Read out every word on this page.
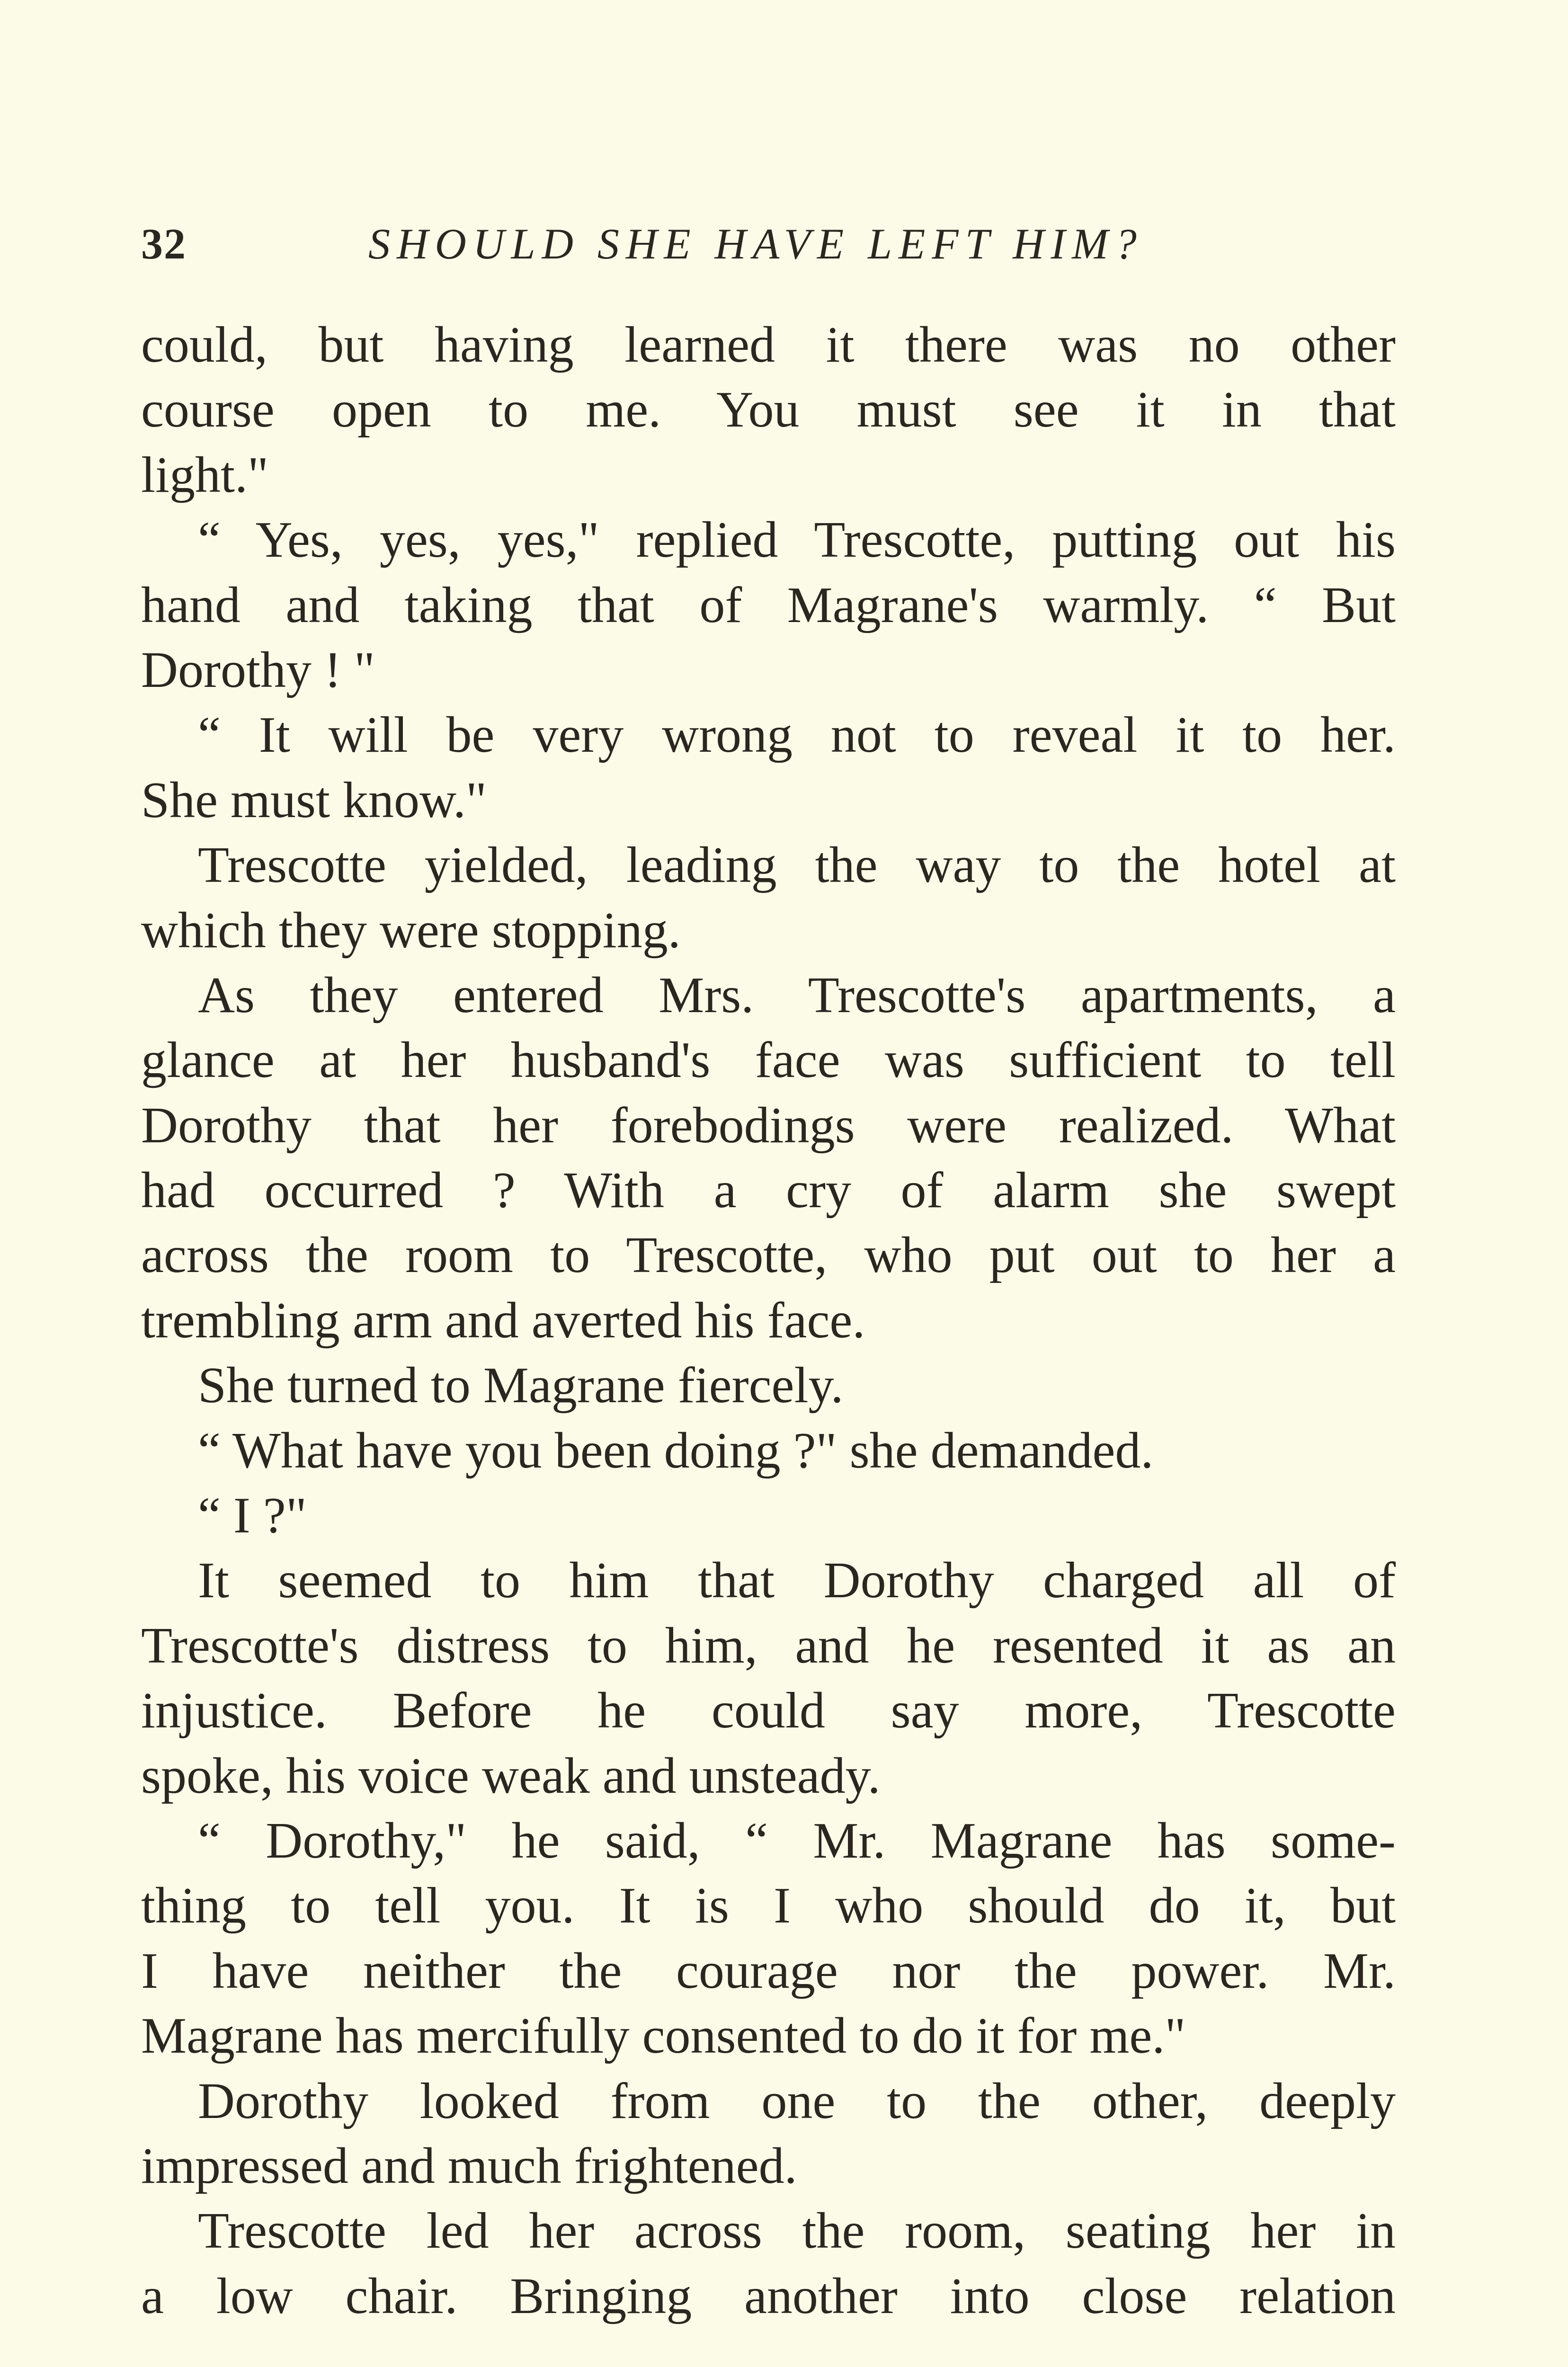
32	SHOULD SHE HAVE LEFT HIM?
could, but having learned it there was no other
course open to me. You must see it in that
light."
“ Yes, yes, yes," replied Trescotte, putting out his
hand and taking that of Magrane's warmly. “ But
Dorothy ! "
“ It will be very wrong not to reveal it to her.
She must know."
Trescotte yielded, leading the way to the hotel at
which they were stopping.
As they entered Mrs. Trescotte's apartments, a
glance at her husband's face was sufficient to tell
Dorothy that her forebodings were realized. What
had occurred ? With a cry of alarm she swept
across the room to Trescotte, who put out to her a
trembling arm and averted his face.
She turned to Magrane fiercely.
“ What have you been doing ?" she demanded.
“ I ?"
It seemed to him that Dorothy charged all of
Trescotte's distress to him, and he resented it as an
injustice. Before he could say more, Trescotte
spoke, his voice weak and unsteady.
“ Dorothy," he said, “ Mr. Magrane has some-
thing to tell you. It is I who should do it, but
I have neither the courage nor the power. Mr.
Magrane has mercifully consented to do it for me."
Dorothy looked from one to the other, deeply
impressed and much frightened.
Trescotte led her across the room, seating her in
a low chair. Bringing another into close relation
